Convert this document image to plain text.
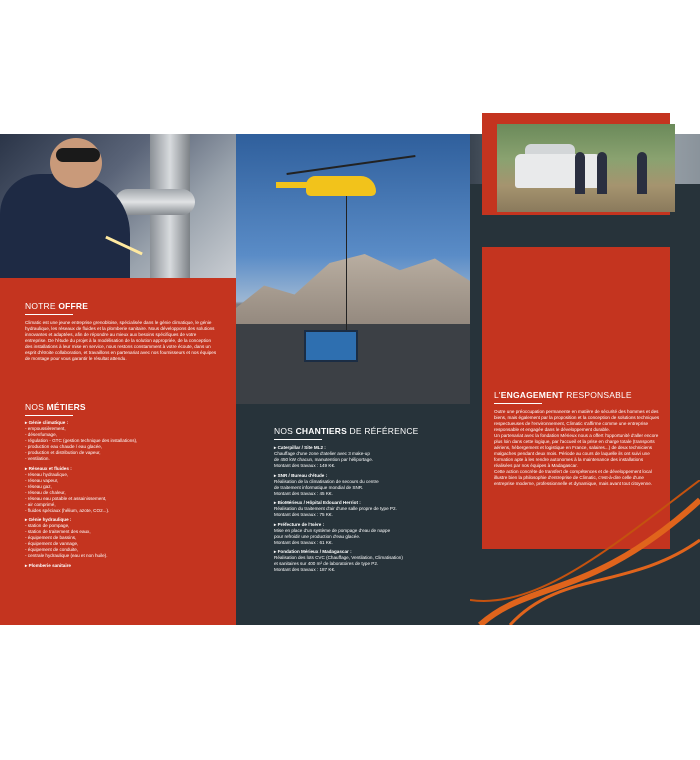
NOTRE OFFRE
Climatic est une jeune entreprise grenobloise, spécialisée dans le génie climatique, le génie hydraulique, les réseaux de fluides et la plomberie sanitaire. Nous développons des solutions innovantes et adaptées, afin de répondre au mieux aux besoins spécifiques de votre entreprise. De l'étude du projet à la modélisation de la solution appropriée, de la conception des installations à leur mise en service, nous restons constamment à votre écoute, dans un esprit d'étroite collaboration, et travaillons en partenariat avec nos fournisseurs et nos équipes de montage pour vous garantir le résultat attendu.
NOS MÉTIERS
▸ Génie climatique :
- empoussièrement,
- désenfumage,
- régulation - GTC (gestion technique des installations),
- production eau chaude / eau glacée,
- production et distribution de vapeur,
- ventilation.
▸ Réseaux et fluides :
- réseau hydraulique,
- réseau vapeur,
- réseau gaz,
- réseau de chaleur,
- réseau eau potable et assainissement,
- air comprimé,
- fluides spéciaux (hélium, azote, CO2...).
▸ Génie hydraulique :
- station de pompage,
- station de traitement des eaux,
- équipement de bassins,
- équipement de vannage,
- équipement de conduite,
- centrale hydraulique (eau et non huile).
▸ Plomberie sanitaire
NOS CHANTIERS DE RÉFÉRENCE
▸ Caterpillar / Site ML2 :
Chauffage d'une zone d'atelier avec 3 make-up
de 450 kW chacun, manutention par héliportage.
Montant des travaux : 149 K€.
▸ SNR / Bureau d'étude :
Réalisation de la climatisation de secours du centre
de traitement informatique mondial de SNR.
Montant des travaux : 45 K€.
▸ BioMérieux / Hôpital Edouard Herriot :
Réalisation du traitement d'air d'une salle propre de type P2.
Montant des travaux : 75 K€.
▸ Préfecture de l'Isère :
Mise en place d'un système de pompage d'eau de nappe
pour refroidir une production d'eau glacée.
Montant des travaux : 61 K€.
▸ Fondation Mérieux / Madagascar :
Réalisation des lots CVC (Chauffage, Ventilation, Climatisation)
et sanitaires sur 400 m² de laboratoires de type P2.
Montant des travaux : 187 K€.
L'ENGAGEMENT RESPONSABLE

Outre une préoccupation permanente en matière de sécurité des hommes et des biens, mais également par la proposition et la conception de solutions techniques respectueuses de l'environnement, Climatic s'affirme comme une entreprise responsable et engagée dans le développement durable.

Un partenariat avec la fondation Mérieux nous a offert l'opportunité d'aller encore plus loin dans cette logique, par l'accueil et la prise en charge totale (transports aériens, hébergement et logistique en France, salaires...) de deux techniciens malgaches pendant deux mois. Période au cours de laquelle ils ont suivi une formation apte à les rendre autonomes à la maintenance des installations réalisées par nos équipes à Madagascar.

Cette action concrète de transfert de compétences et de développement local illustre bien la philosophie d'entreprise de Climatic, c'est-à-dire celle d'une entreprise moderne, professionnelle et dynamique, mais avant tout citoyenne.
